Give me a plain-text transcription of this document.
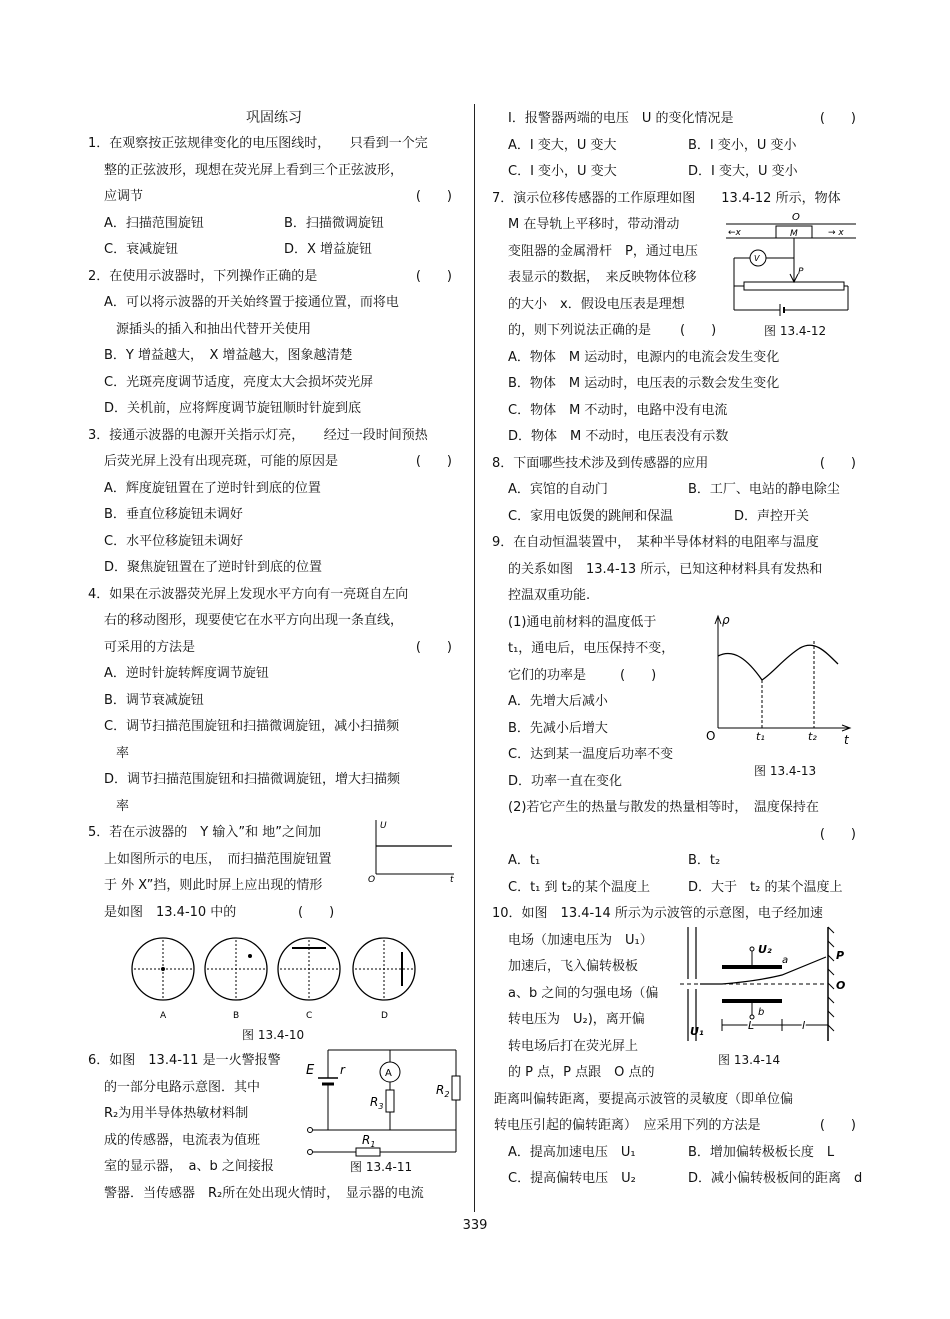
巩固练习
1．在观察按正弦规律变化的电压图线时，　　只看到一个完
整的正弦波形，现想在荧光屏上看到三个正弦波形，
应调节	(　　)
A．扫描范围旋钮	B．扫描微调旋钮
C．衰减旋钮	D．X 增益旋钮
2．在使用示波器时，下列操作正确的是	(　　)
A．可以将示波器的开关始终置于接通位置，而将电
源插头的插入和抽出代替开关使用
B．Y 增益越大，　X 增益越大，图象越清楚
C．光斑亮度调节适度，亮度太大会损坏荧光屏
D．关机前，应将辉度调节旋钮顺时针旋到底
3．接通示波器的电源开关指示灯亮，　　经过一段时间预热
后荧光屏上没有出现亮斑，可能的原因是	(　　)
A．辉度旋钮置在了逆时针到底的位置
B．垂直位移旋钮未调好
C．水平位移旋钮未调好
D．聚焦旋钮置在了逆时针到底的位置
4．如果在示波器荧光屏上发现水平方向有一亮斑自左向
右的移动图形，现要使它在水平方向出现一条直线，
可采用的方法是	(　　)
A．逆时针旋转辉度调节旋钮
B．调节衰减旋钮
C．调节扫描范围旋钮和扫描微调旋钮，减小扫描频
率
D．调节扫描范围旋钮和扫描微调旋钮，增大扫描频
率
5．若在示波器的　Y 输入”和 地”之间加
上如图所示的电压，　而扫描范围旋钮置
于 外 X”挡，则此时屏上应出现的情形
是如图　13.4-10 中的	(　　)
U
O	t
A	B	C	D
图 13.4-10
6．如图　13.4-11 是一火警报警
的一部分电路示意图．其中
R₂为用半导体热敏材料制
成的传感器，电流表为值班
室的显示器，　a、b 之间接报
警器．当传感器　R₂所在处出现火情时，　显示器的电流
E r	A
$R_3$
$R_2$
$R_1$
图 13.4-11
I．报警器两端的电压　U 的变化情况是	(　　)
A．I 变大，U 变大	B．I 变小，U 变小
C．I 变小，U 变大	D．I 变大，U 变小
7．演示位移传感器的工作原理如图　　13.4-12 所示，物体
M 在导轨上平移时，带动滑动
变阻器的金属滑杆　P，通过电压
表显示的数据，　来反映物体位移
的大小　x．假设电压表是理想
的，则下列说法正确的是 (　　)	图 13.4-12
O
M
←x	→ x
P
V
A．物体　M 运动时，电源内的电流会发生变化
B．物体　M 运动时，电压表的示数会发生变化
C．物体　M 不动时，电路中没有电流
D．物体　M 不动时，电压表没有示数
8．下面哪些技术涉及到传感器的应用	(　　)
A．宾馆的自动门	B．工厂、电站的静电除尘
C．家用电饭煲的跳闸和保温	D．声控开关
9．在自动恒温装置中，　某种半导体材料的电阻率与温度
的关系如图　13.4-13 所示，已知这种材料具有发热和
控温双重功能.
(1)通电前材料的温度低于
t₁，通电后，电压保持不变，
它们的功率是	(　　)
A．先增大后减小
B．先减小后增大
C．达到某一温度后功率不变
D．功率一直在变化
ρ
O	t
t₁	t₂
图 13.4-13
(2)若它产生的热量与散发的热量相等时，　温度保持在
(　　)
A．t₁	B．t₂
C．t₁ 到 t₂的某个温度上	D．大于　t₂ 的某个温度上
10．如图　13.4-14 所示为示波管的示意图，电子经加速
电场（加速电压为　U₁）
加速后，飞入偏转极板
a、b 之间的匀强电场（偏
转电压为　U₂)，离开偏
转电场后打在荧光屏上
的 P 点，P 点跟　O 点的
距离叫偏转距离，要提高示波管的灵敏度（即单位偏
转电压引起的偏转距离）　应采用下列的方法是	(　　)
U₁
U₂
a
b
P
O
L	l
图 13.4-14
A．提高加速电压　U₁	B．增加偏转极板长度　L
C．提高偏转电压　U₂	D．减小偏转极板间的距离　d
339
